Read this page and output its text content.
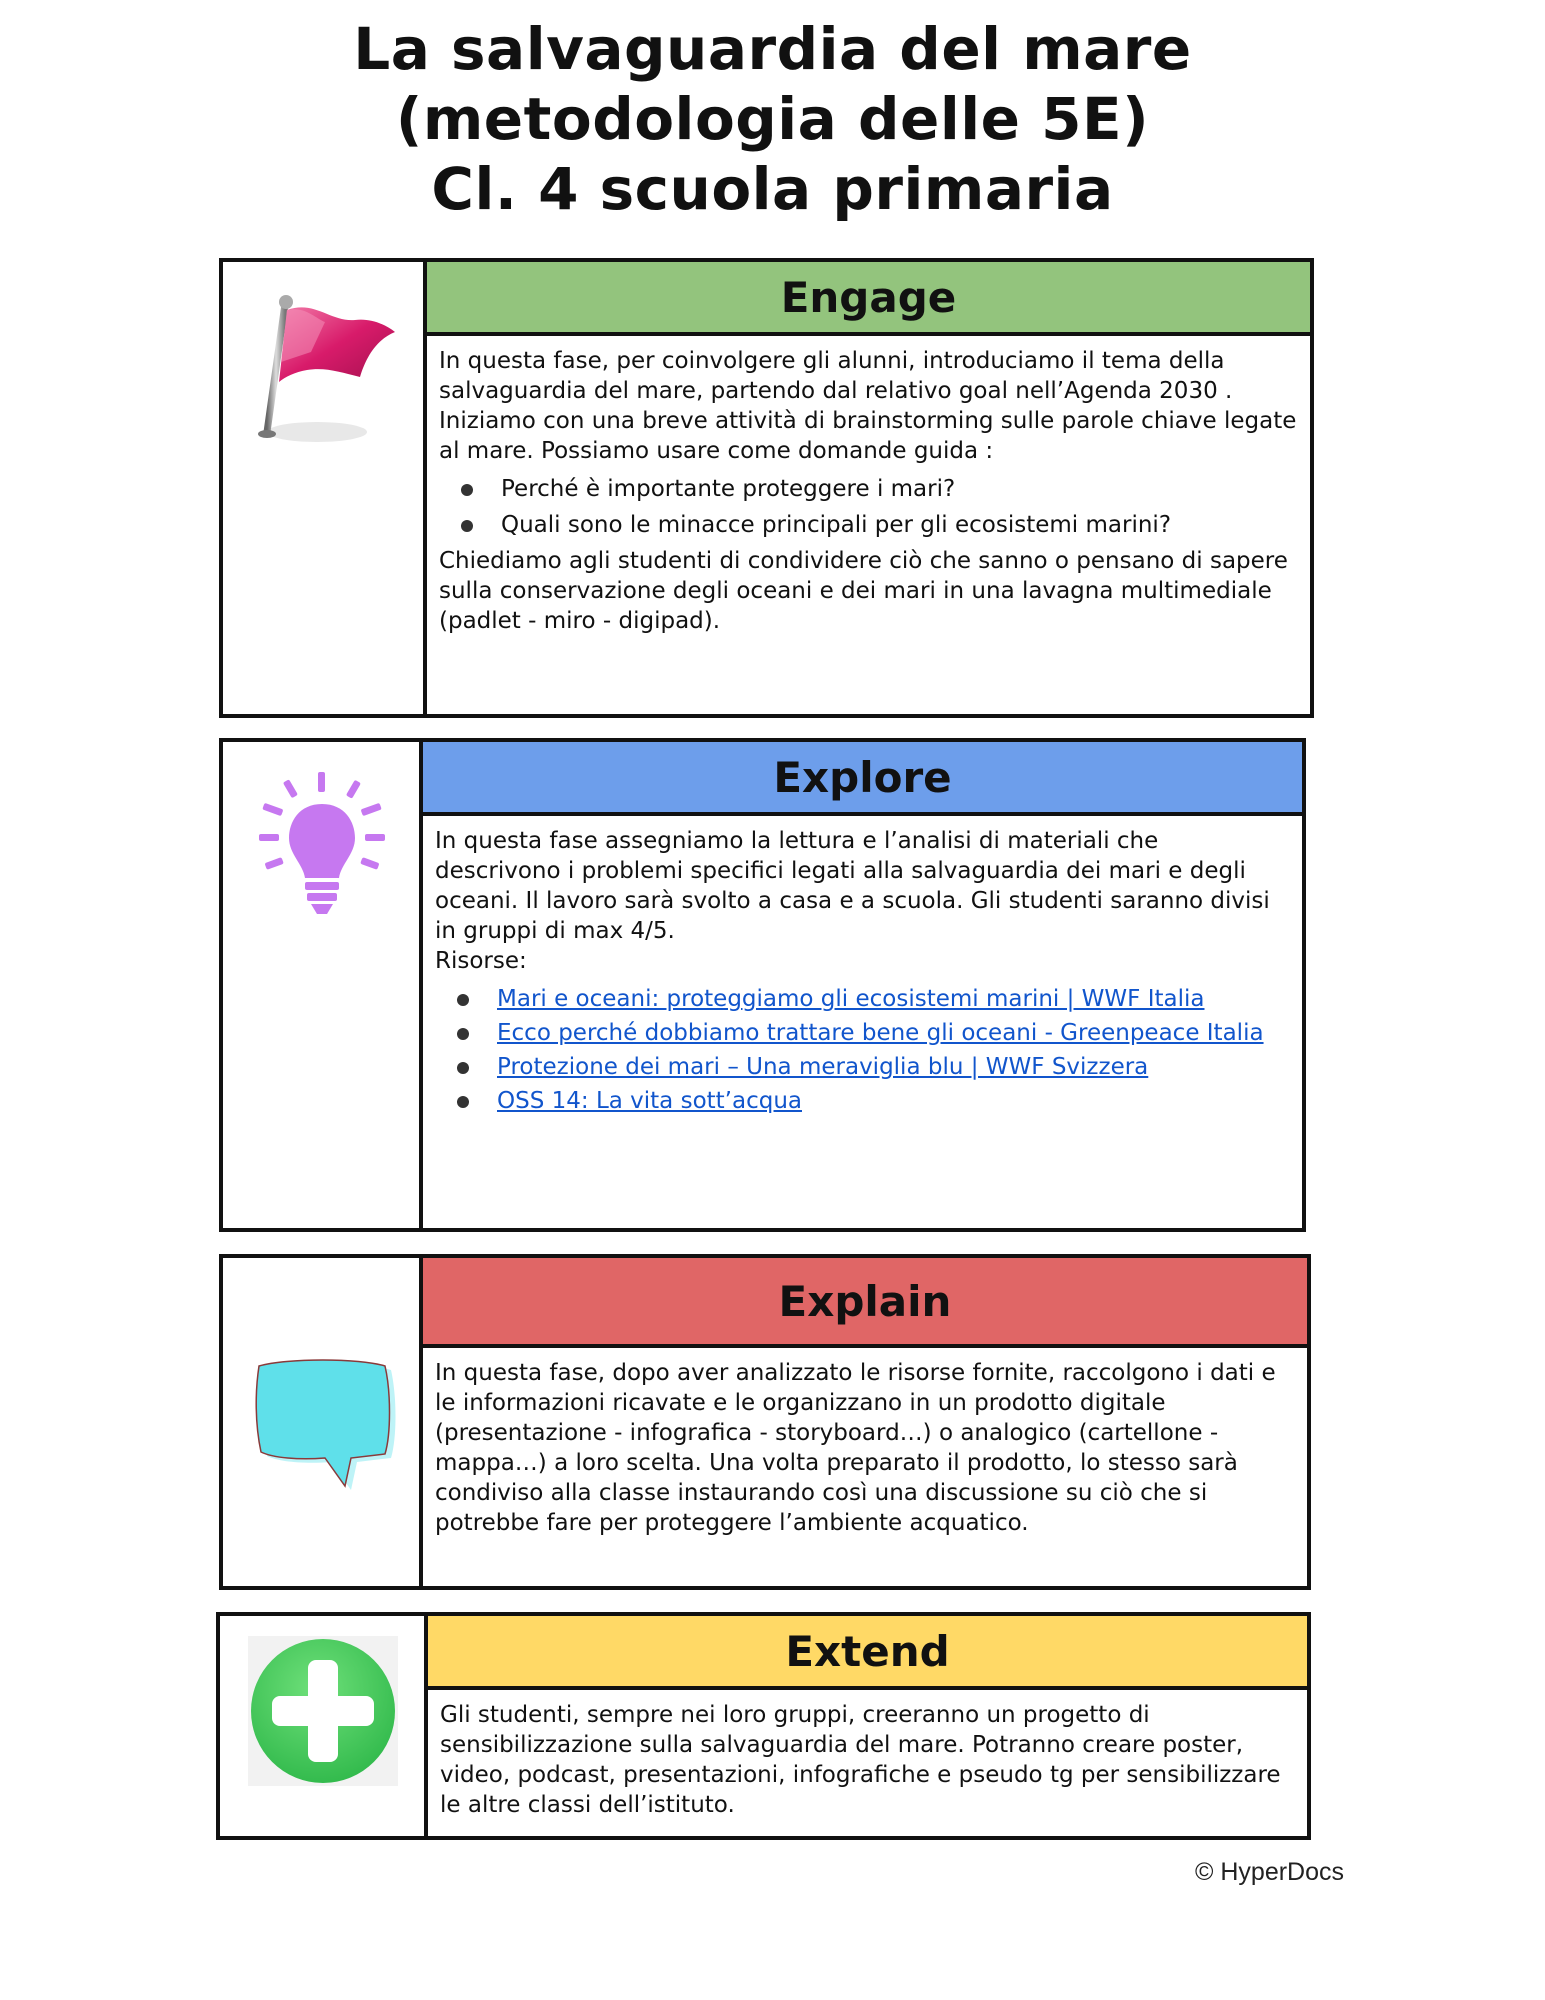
La salvaguardia del mare
(metodologia delle 5E)
Cl. 4 scuola primaria
Engage

In questa fase, per coinvolgere gli alunni, introduciamo il tema della salvaguardia del mare, partendo dal relativo goal nell’Agenda 2030 . Iniziamo con una breve attività di brainstorming sulle parole chiave legate al mare. Possiamo usare come domande guida :

Perché è importante proteggere i mari?
Quali sono le minacce principali per gli ecosistemi marini?

Chiediamo agli studenti di condividere ciò che sanno o pensano di sapere sulla conservazione degli oceani e dei mari in una lavagna multimediale (padlet - miro - digipad).

Explore

In questa fase assegniamo la lettura e l’analisi di materiali che descrivono i problemi specifici legati alla salvaguardia dei mari e degli oceani. Il lavoro sarà svolto a casa e a scuola. Gli studenti saranno divisi in gruppi di max 4/5.

Risorse:

Mari e oceani: proteggiamo gli ecosistemi marini | WWF Italia
Ecco perché dobbiamo trattare bene gli oceani - Greenpeace Italia
Protezione dei mari – Una meraviglia blu | WWF Svizzera
OSS 14: La vita sott’acqua
Explain

In questa fase, dopo aver analizzato le risorse fornite, raccolgono i dati e le informazioni ricavate e le organizzano in un prodotto digitale (presentazione - infografica - storyboard…) o analogico (cartellone - mappa…) a loro scelta. Una volta preparato il prodotto, lo stesso sarà condiviso alla classe instaurando così una discussione su ciò che si potrebbe fare per proteggere l’ambiente acquatico.

Extend

Gli studenti, sempre nei loro gruppi, creeranno un progetto di sensibilizzazione sulla salvaguardia del mare. Potranno creare poster, video, podcast, presentazioni, infografiche e pseudo tg per sensibilizzare le altre classi dell’istituto.

© HyperDocs
